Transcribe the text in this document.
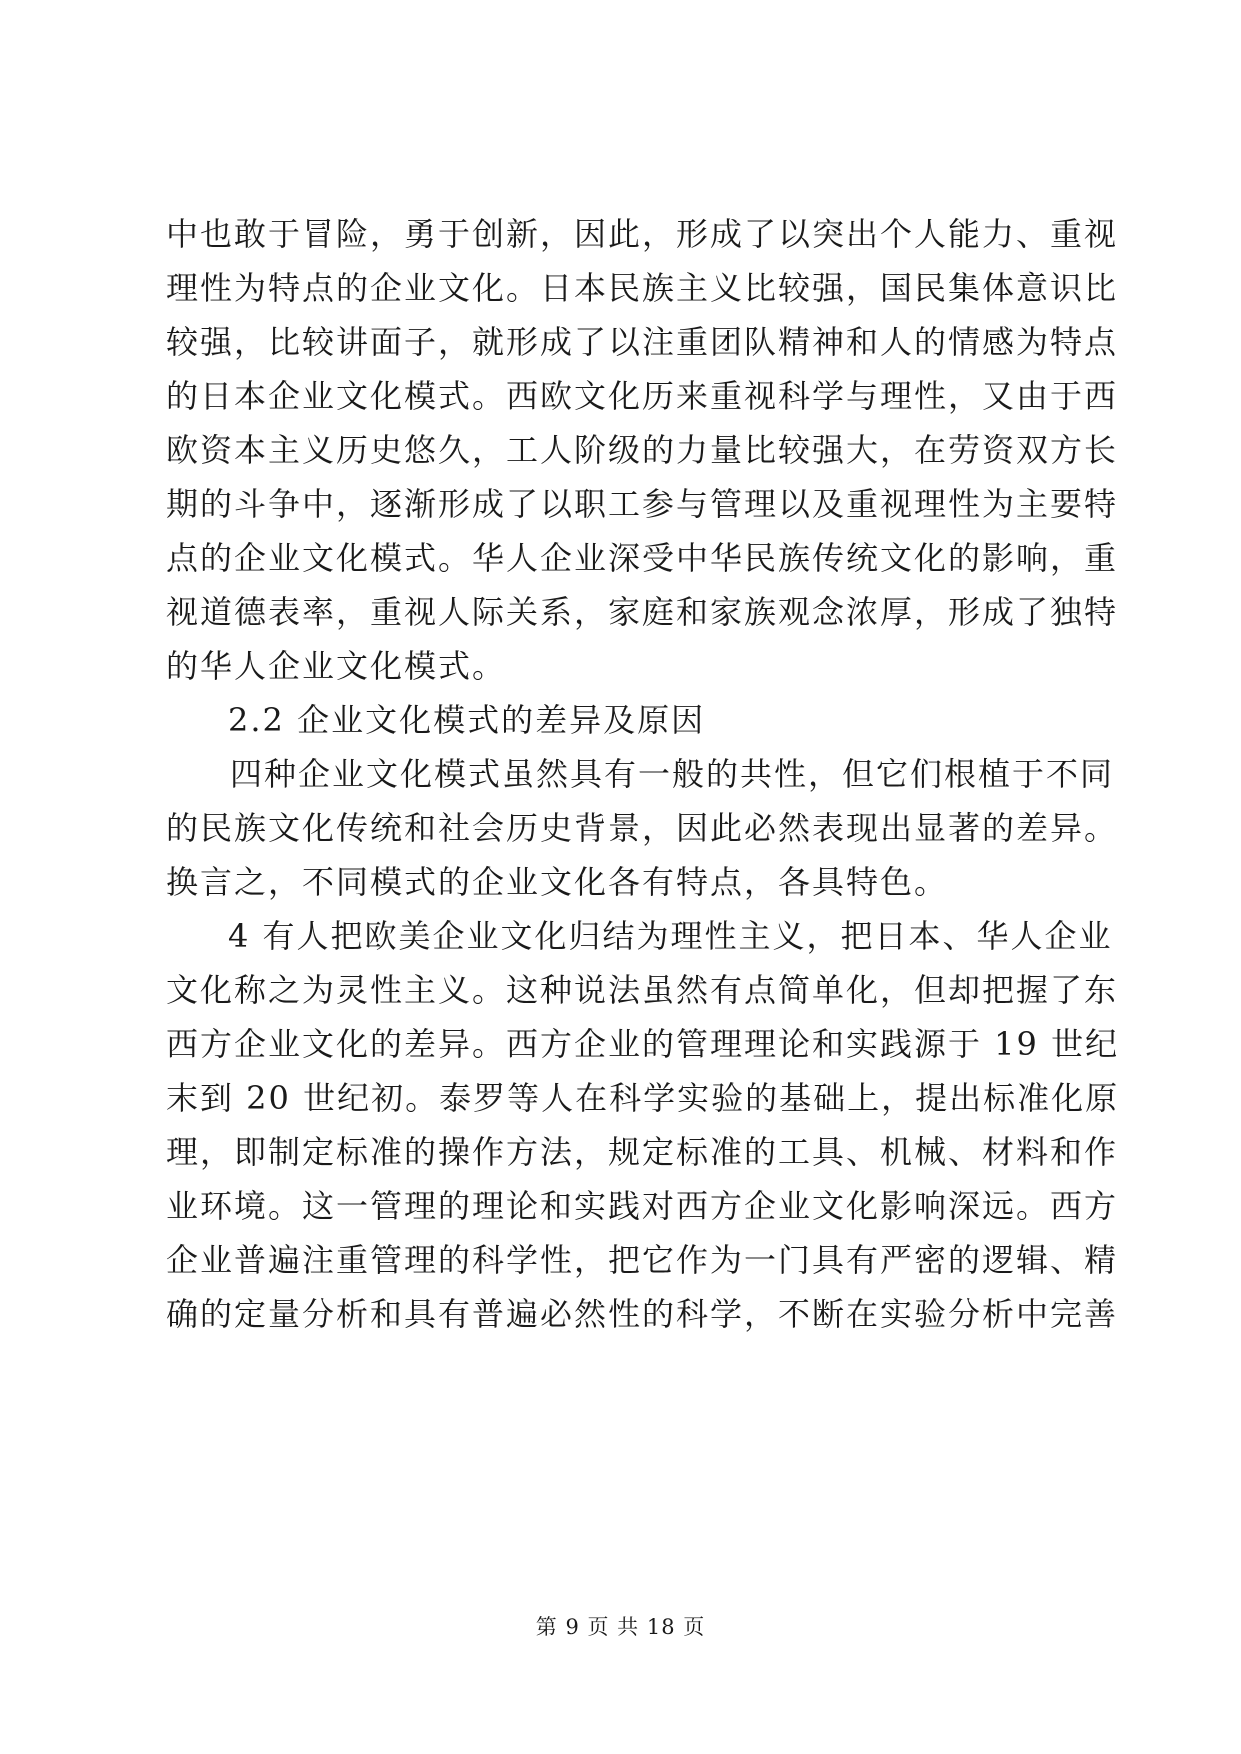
中也敢于冒险，勇于创新，因此，形成了以突出个人能力、重视
理性为特点的企业文化。日本民族主义比较强，国民集体意识比
较强，比较讲面子，就形成了以注重团队精神和人的情感为特点
的日本企业文化模式。西欧文化历来重视科学与理性，又由于西
欧资本主义历史悠久，工人阶级的力量比较强大，在劳资双方长
期的斗争中，逐渐形成了以职工参与管理以及重视理性为主要特
点的企业文化模式。华人企业深受中华民族传统文化的影响，重
视道德表率，重视人际关系，家庭和家族观念浓厚，形成了独特
的华人企业文化模式。
2.2 企业文化模式的差异及原因
四种企业文化模式虽然具有一般的共性，但它们根植于不同
的民族文化传统和社会历史背景，因此必然表现出显著的差异。
换言之，不同模式的企业文化各有特点，各具特色。
4 有人把欧美企业文化归结为理性主义，把日本、华人企业
文化称之为灵性主义。这种说法虽然有点简单化，但却把握了东
西方企业文化的差异。西方企业的管理理论和实践源于 19 世纪
末到 20 世纪初。泰罗等人在科学实验的基础上，提出标准化原
理，即制定标准的操作方法，规定标准的工具、机械、材料和作
业环境。这一管理的理论和实践对西方企业文化影响深远。西方
企业普遍注重管理的科学性，把它作为一门具有严密的逻辑、精
确的定量分析和具有普遍必然性的科学，不断在实验分析中完善
第 9 页 共 18 页
